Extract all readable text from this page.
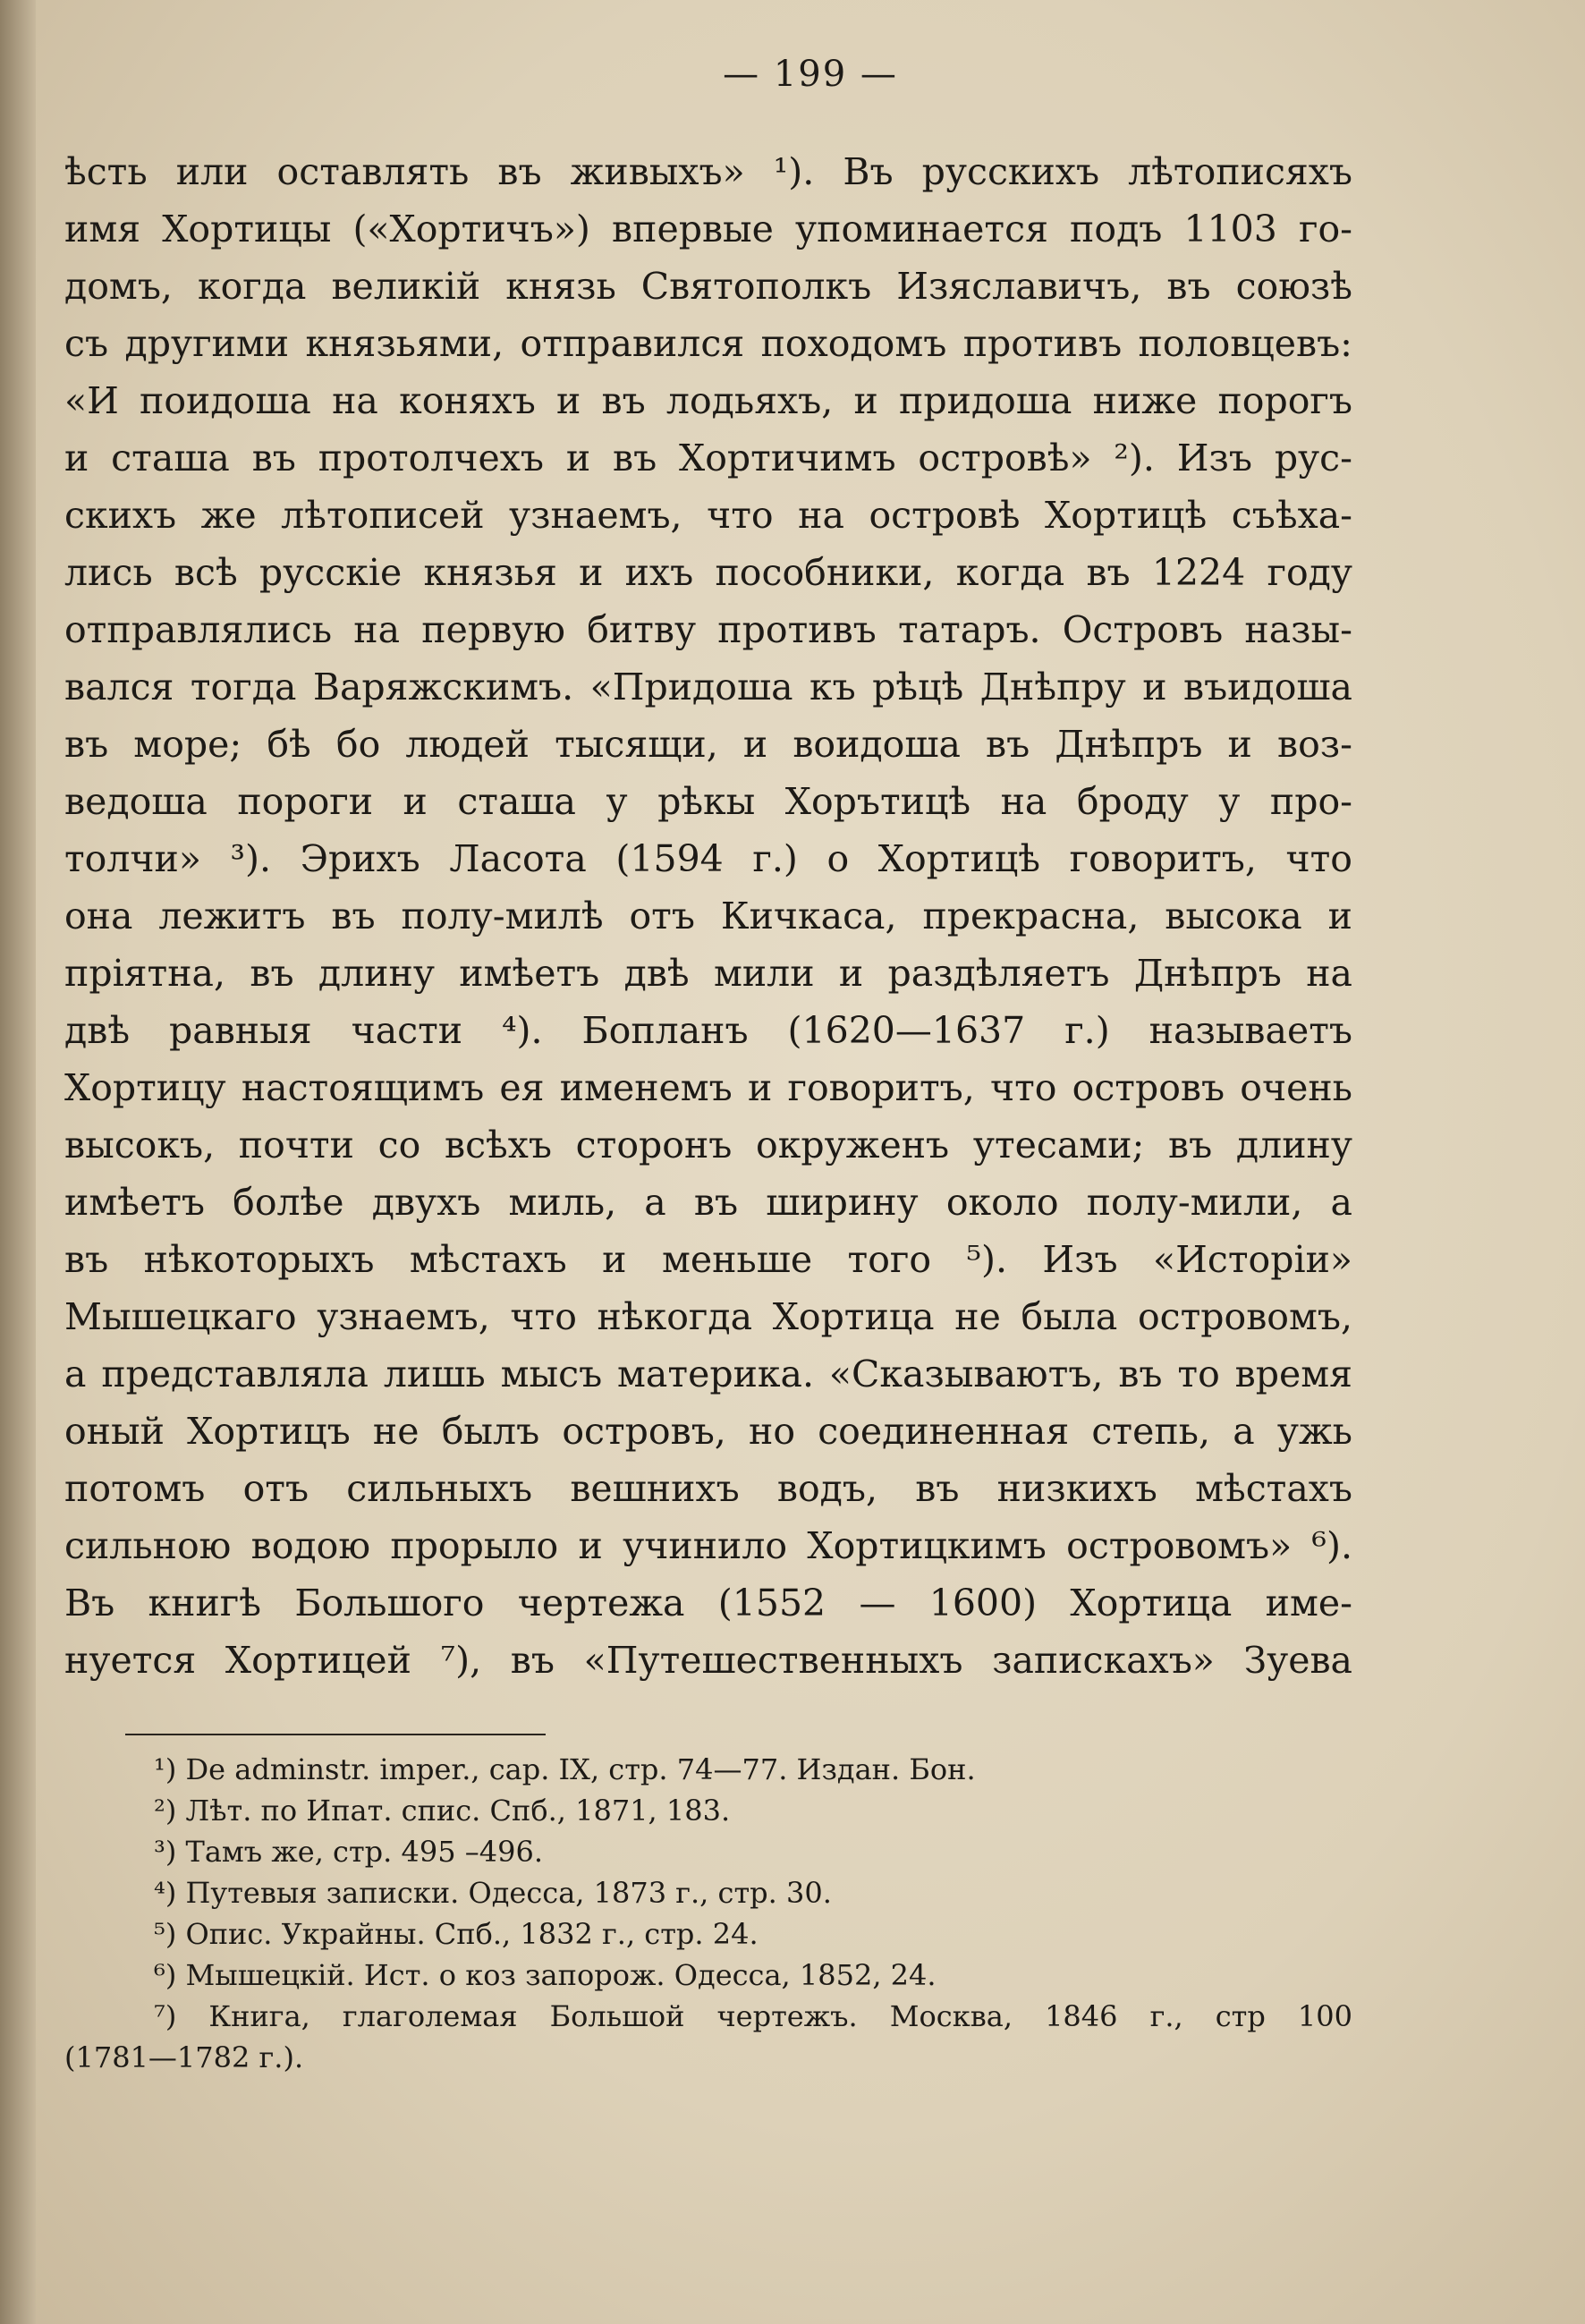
— 199 —
ѣсть или оставлять въ живыхъ» ¹). Въ русскихъ лѣтописяхъ
имя Хортицы («Хортичъ») впервые упоминается подъ 1103 го-
домъ, когда великій князь Святополкъ Изяславичъ, въ союзѣ
съ другими князьями, отправился походомъ противъ половцевъ:
«И поидоша на коняхъ и въ лодьяхъ, и придоша ниже порогъ
и сташа въ протолчехъ и въ Хортичимъ островѣ» ²). Изъ рус-
скихъ же лѣтописей узнаемъ, что на островѣ Хортицѣ съѣха-
лись всѣ русскіе князья и ихъ пособники, когда въ 1224 году
отправлялись на первую битву противъ татаръ. Островъ назы-
вался тогда Варяжскимъ. «Придоша къ рѣцѣ Днѣпру и въидоша
въ море; бѣ бо людей тысящи, и воидоша въ Днѣпръ и воз-
ведоша пороги и сташа у рѣкы Хорътицѣ на броду у про-
толчи» ³). Эрихъ Ласота (1594 г.) о Хортицѣ говоритъ, что
она лежитъ въ полу-милѣ отъ Кичкаса, прекрасна, высока и
пріятна, въ длину имѣетъ двѣ мили и раздѣляетъ Днѣпръ на
двѣ равныя части ⁴). Бопланъ (1620—1637 г.) называетъ
Хортицу настоящимъ ея именемъ и говоритъ, что островъ очень
высокъ, почти со всѣхъ сторонъ окруженъ утесами; въ длину
имѣетъ болѣе двухъ миль, а въ ширину около полу-мили, а
въ нѣкоторыхъ мѣстахъ и меньше того ⁵). Изъ «Исторіи»
Мышецкаго узнаемъ, что нѣкогда Хортица не была островомъ,
а представляла лишь мысъ материка. «Сказываютъ, въ то время
оный Хортицъ не былъ островъ, но соединенная степь, а ужь
потомъ отъ сильныхъ вешнихъ водъ, въ низкихъ мѣстахъ
сильною водою прорыло и учинило Хортицкимъ островомъ» ⁶).
Въ книгѣ Большого чертежа (1552 — 1600) Хортица име-
нуется Хортицей ⁷), въ «Путешественныхъ запискахъ» Зуева
¹) De adminstr. imper., cap. IX, стр. 74—77. Издан. Бон.
²) Лѣт. по Ипат. спис. Спб., 1871, 183.
³) Тамъ же, стр. 495 –496.
⁴) Путевыя записки. Одесса, 1873 г., стр. 30.
⁵) Опис. Украйны. Спб., 1832 г., стр. 24.
⁶) Мышецкій. Ист. о коз запорож. Одесса, 1852, 24.
⁷) Книга, глаголемая Большой чертежъ. Москва, 1846 г., стр 100
(1781—1782 г.).
